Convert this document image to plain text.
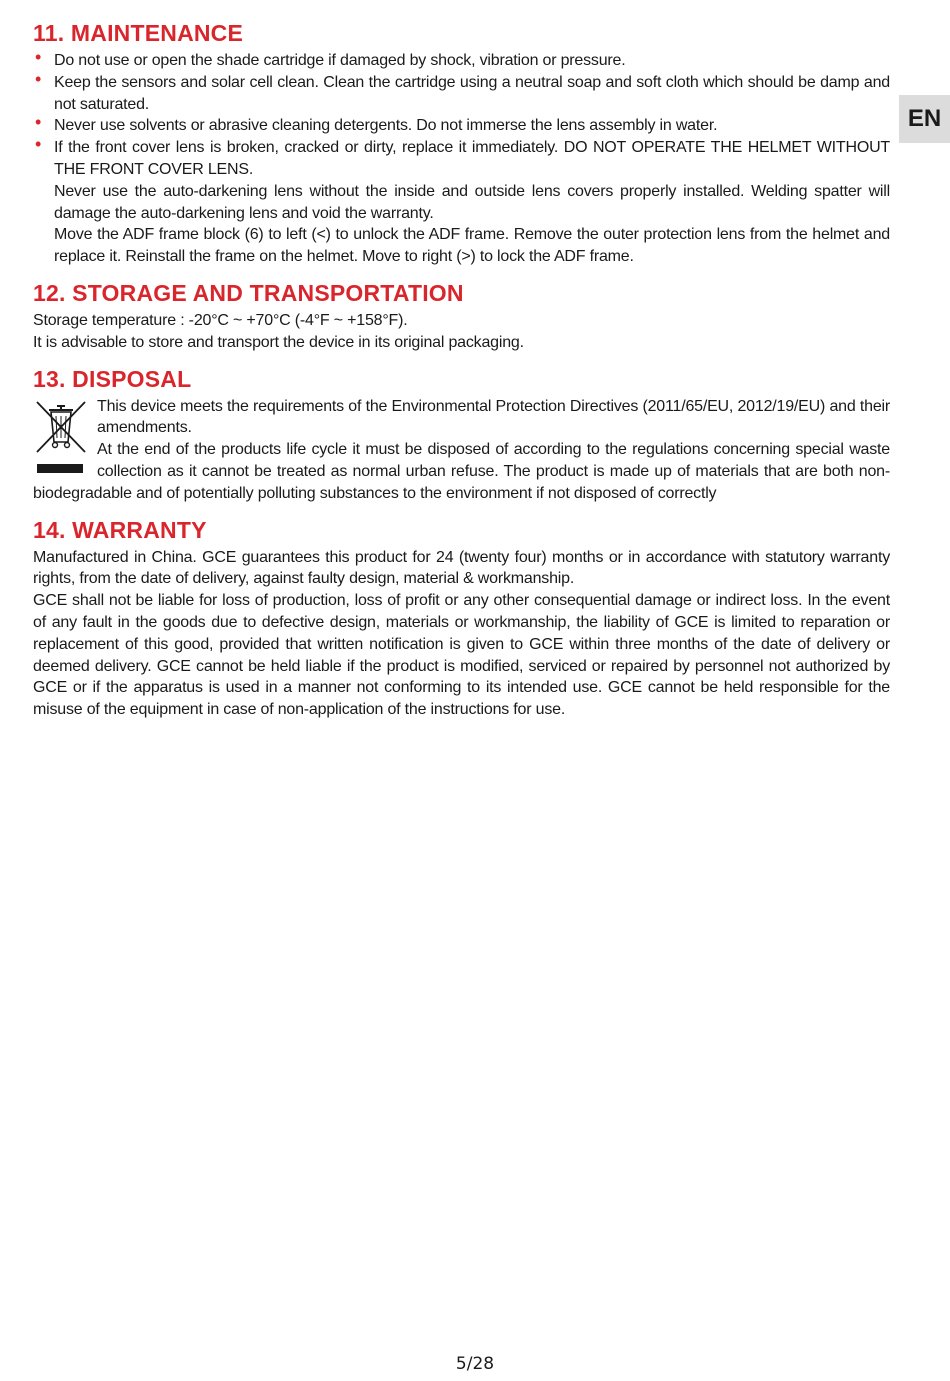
EN
11. MAINTENANCE
• Do not use or open the shade cartridge if damaged by shock, vibration or pressure.
• Keep the sensors and solar cell clean. Clean the cartridge using a neutral soap and soft cloth which should be damp and not saturated.
• Never use solvents or abrasive cleaning detergents. Do not immerse the lens assembly in water.
• If the front cover lens is broken, cracked or dirty, replace it immediately. DO NOT OPERATE THE HELMET WITHOUT THE FRONT COVER LENS.

Never use the auto-darkening lens without the inside and outside lens covers properly installed. Welding spatter will damage the auto-darkening lens and void the warranty.

Move the ADF frame block (6) to left (<) to unlock the ADF frame. Remove the outer protection lens from the helmet and replace it. Reinstall the frame on the helmet. Move to right (>) to lock the ADF frame.

12. STORAGE AND TRANSPORTATION

Storage temperature : -20°C ~ +70°C (-4°F ~ +158°F).

It is advisable to store and transport the device in its original packaging.

13. DISPOSAL

This device meets the requirements of the Environmental Protection Directives (2011/65/EU, 2012/19/EU) and their amendments.

At the end of the products life cycle it must be disposed of according to the regulations concerning special waste collection as it cannot be treated as normal urban refuse. The product is made up of materials that are both non-biodegradable and of potentially polluting substances to the environment if not disposed of correctly

14. WARRANTY

Manufactured in China. GCE guarantees this product for 24 (twenty four) months or in accordance with statutory warranty rights, from the date of delivery, against faulty design, material & workmanship.

GCE shall not be liable for loss of production, loss of profit or any other consequential damage or indirect loss. In the event of any fault in the goods due to defective design, materials or workmanship, the liability of GCE is limited to reparation or replacement of this good, provided that written notification is given to GCE within three months of the date of delivery or deemed delivery. GCE cannot be held liable if the product is modified, serviced or repaired by personnel not authorized by GCE or if the apparatus is used in a manner not conforming to its intended use. GCE cannot be held responsible for the misuse of the equipment in case of non-application of the instructions for use.

5/28
